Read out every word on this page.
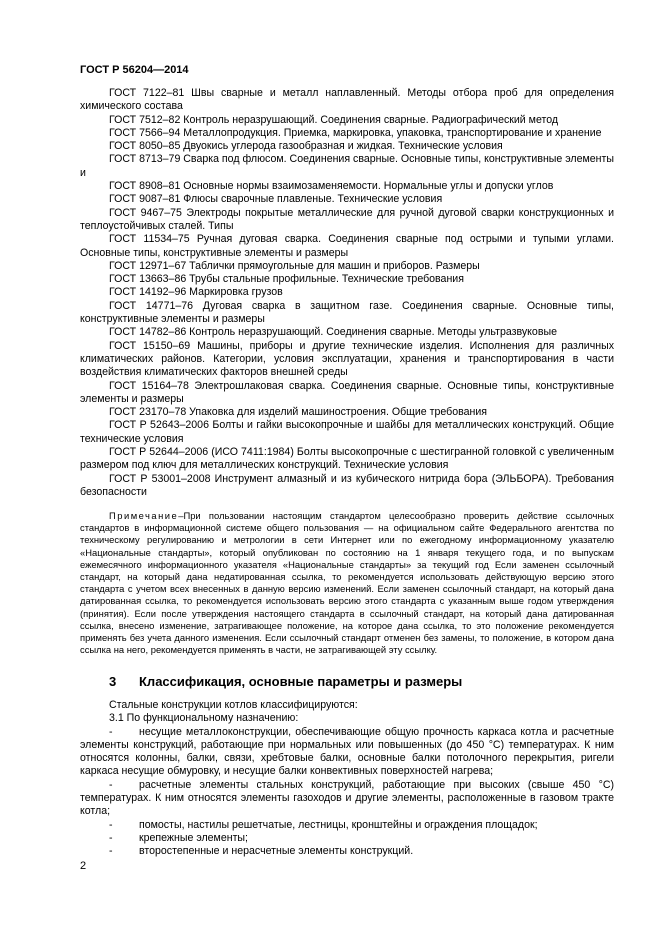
ГОСТ Р 56204—2014

ГОСТ 7122–81 Швы сварные и металл наплавленный. Методы отбора проб для определения химического состава

ГОСТ 7512–82 Контроль неразрушающий. Соединения сварные. Радиографический метод

ГОСТ 7566–94 Металлопродукция. Приемка, маркировка, упаковка, транспортирование и хранение

ГОСТ 8050–85 Двуокись углерода газообразная и жидкая. Технические условия

ГОСТ 8713–79 Сварка под флюсом. Соединения сварные. Основные типы, конструктивные элементы и

ГОСТ 8908–81 Основные нормы взаимозаменяемости. Нормальные углы и допуски углов

ГОСТ 9087–81 Флюсы сварочные плавленые. Технические условия

ГОСТ 9467–75 Электроды покрытые металлические для ручной дуговой сварки конструкционных и теплоустойчивых сталей. Типы

ГОСТ 11534–75 Ручная дуговая сварка. Соединения сварные под острыми и тупыми углами. Основные типы, конструктивные элементы и размеры

ГОСТ 12971–67 Таблички прямоугольные для машин и приборов. Размеры

ГОСТ 13663–86 Трубы стальные профильные. Технические требования

ГОСТ 14192–96 Маркировка грузов

ГОСТ 14771–76 Дуговая сварка в защитном газе. Соединения сварные. Основные типы, конструктивные элементы и размеры

ГОСТ 14782–86 Контроль неразрушающий. Соединения сварные. Методы ультразвуковые

ГОСТ 15150–69 Машины, приборы и другие технические изделия. Исполнения для различных климатических районов. Категории, условия эксплуатации, хранения и транспортирования в части воздействия климатических факторов внешней среды

ГОСТ 15164–78 Электрошлаковая сварка. Соединения сварные. Основные типы, конструктивные элементы и размеры

ГОСТ 23170–78 Упаковка для изделий машиностроения. Общие требования

ГОСТ Р 52643–2006 Болты и гайки высокопрочные и шайбы для металлических конструкций. Общие технические условия

ГОСТ Р 52644–2006 (ИСО 7411:1984) Болты высокопрочные с шестигранной головкой с увеличенным размером под ключ для металлических конструкций. Технические условия

ГОСТ Р 53001–2008 Инструмент алмазный и из кубического нитрида бора (ЭЛЬБОРА). Требования безопасности

Примечание–При пользовании настоящим стандартом целесообразно проверить действие ссылочных стандартов в информационной системе общего пользования — на официальном сайте Федерального агентства по техническому регулированию и метрологии в сети Интернет или по ежегодному информационному указателю «Национальные стандарты», который опубликован по состоянию на 1 января текущего года, и по выпускам ежемесячного информационного указателя «Национальные стандарты» за текущий год Если заменен ссылочный стандарт, на который дана недатированная ссылка, то рекомендуется использовать действующую версию этого стандарта с учетом всех внесенных в данную версию изменений. Если заменен ссылочный стандарт, на который дана датированная ссылка, то рекомендуется использовать версию этого стандарта с указанным выше годом утверждения (принятия). Если после утверждения настоящего стандарта в ссылочный стандарт, на который дана датированная ссылка, внесено изменение, затрагивающее положение, на которое дана ссылка, то это положение рекомендуется применять без учета данного изменения. Если ссылочный стандарт отменен без замены, то положение, в котором дана ссылка на него, рекомендуется применять в части, не затрагивающей эту ссылку.

3 Классификация, основные параметры и размеры

Стальные конструкции котлов классифицируются:

3.1 По функциональному назначению:

- несущие металлоконструкции, обеспечивающие общую прочность каркаса котла и расчетные элементы конструкций, работающие при нормальных или повышенных (до 450 °С) температурах. К ним относятся колонны, балки, связи, хребтовые балки, основные балки потолочного перекрытия, ригели каркаса несущие обмуровку, и несущие балки конвективных поверхностей нагрева;

- расчетные элементы стальных конструкций, работающие при высоких (свыше 450 °С) температурах. К ним относятся элементы газоходов и другие элементы, расположенные в газовом тракте котла;

- помосты, настилы решетчатые, лестницы, кронштейны и ограждения площадок;

- крепежные элементы;

- второстепенные и нерасчетные элементы конструкций.

2
